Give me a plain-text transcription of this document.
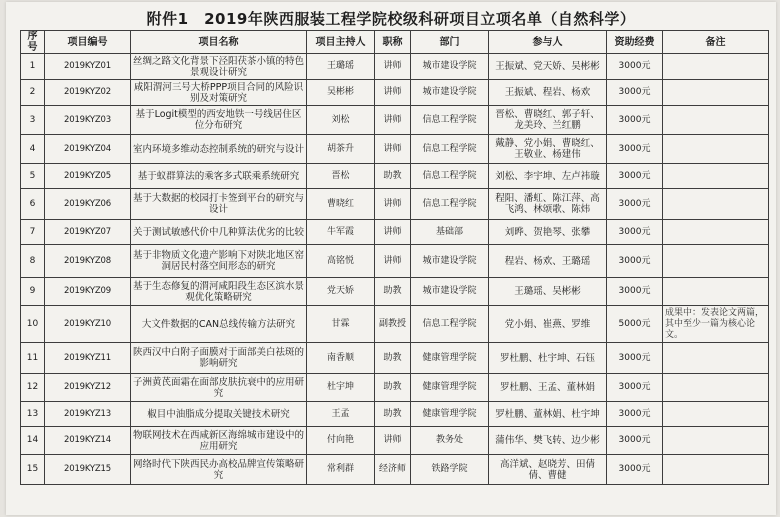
附件1　2019年陕西服装工程学院校级科研项目立项名单（自然科学）
序号	项目编号	项目名称	项目主持人	职称	部门	参与人	资助经费	备注
1	2019KYZ01	丝绸之路文化背景下泾阳茯茶小镇的特色景观设计研究	王璐瑶	讲师	城市建设学院	王振斌、党天娇、吴彬彬	3000元	
2	2019KYZ02	咸阳渭河三号大桥PPP项目合同的风险识别及对策研究	吴彬彬	讲师	城市建设学院	王振斌、程岩、杨欢	3000元	
3	2019KYZ03	基于Logit模型的西安地铁一号线居住区位分布研究	刘松	讲师	信息工程学院	晋松、曹晓红、郭子轩、龙美玲、兰红鹏	3000元	
4	2019KYZ04	室内环境多维动态控制系统的研究与设计	胡茶升	讲师	信息工程学院	戴静、党小娟、曹晓红、王敬业、杨建伟	3000元	
5	2019KYZ05	基于蚁群算法的乘客多式联乘系统研究	晋松	助教	信息工程学院	刘松、李宇坤、左卢祎璇	3000元	
6	2019KYZ06	基于大数据的校园打卡签到平台的研究与设计	曹晓红	讲师	信息工程学院	程阳、潘虹、陈江萍、高飞鸿、林颂歌、陈炜	3000元	
7	2019KYZ07	关于测试敏感代价中几种算法优劣的比较	牛军霞	讲师	基础部	刘晔、贺艳琴、张攀	3000元	
8	2019KYZ08	基于非物质文化遗产影响下对陕北地区窑洞居民村落空间形态的研究	高铭悦	讲师	城市建设学院	程岩、杨欢、王璐瑶	3000元	
9	2019KYZ09	基于生态修复的渭河咸阳段生态区滨水景观优化策略研究	党天娇	助教	城市建设学院	王璐瑶、吴彬彬	3000元	
10	2019KYZ10	大文件数据的CAN总线传输方法研究	甘霖	副教授	信息工程学院	党小娟、崔燕、罗维	5000元	成果中：发表论文两篇，其中至少一篇为核心论文。
11	2019KYZ11	陕西汉中白附子面膜对于面部美白祛斑的影响研究	南香顺	助教	健康管理学院	罗杜鹏、杜宇坤、石钰	3000元	
12	2019KYZ12	子洲黄芪面霜在面部皮肤抗衰中的应用研究	杜宇坤	助教	健康管理学院	罗杜鹏、王孟、董林娟	3000元	
13	2019KYZ13	椒目中油脂成分提取关键技术研究	王孟	助教	健康管理学院	罗杜鹏、董林娟、杜宇坤	3000元	
14	2019KYZ14	物联网技术在西咸新区海绵城市建设中的应用研究	付向艳	讲师	教务处	蒲伟华、樊飞转、边少彬	3000元	
15	2019KYZ15	网络时代下陕西民办高校品牌宣传策略研究	常利群	经济师	铁路学院	高洋斌、赵晓芳、田倩倩、曹健	3000元	
